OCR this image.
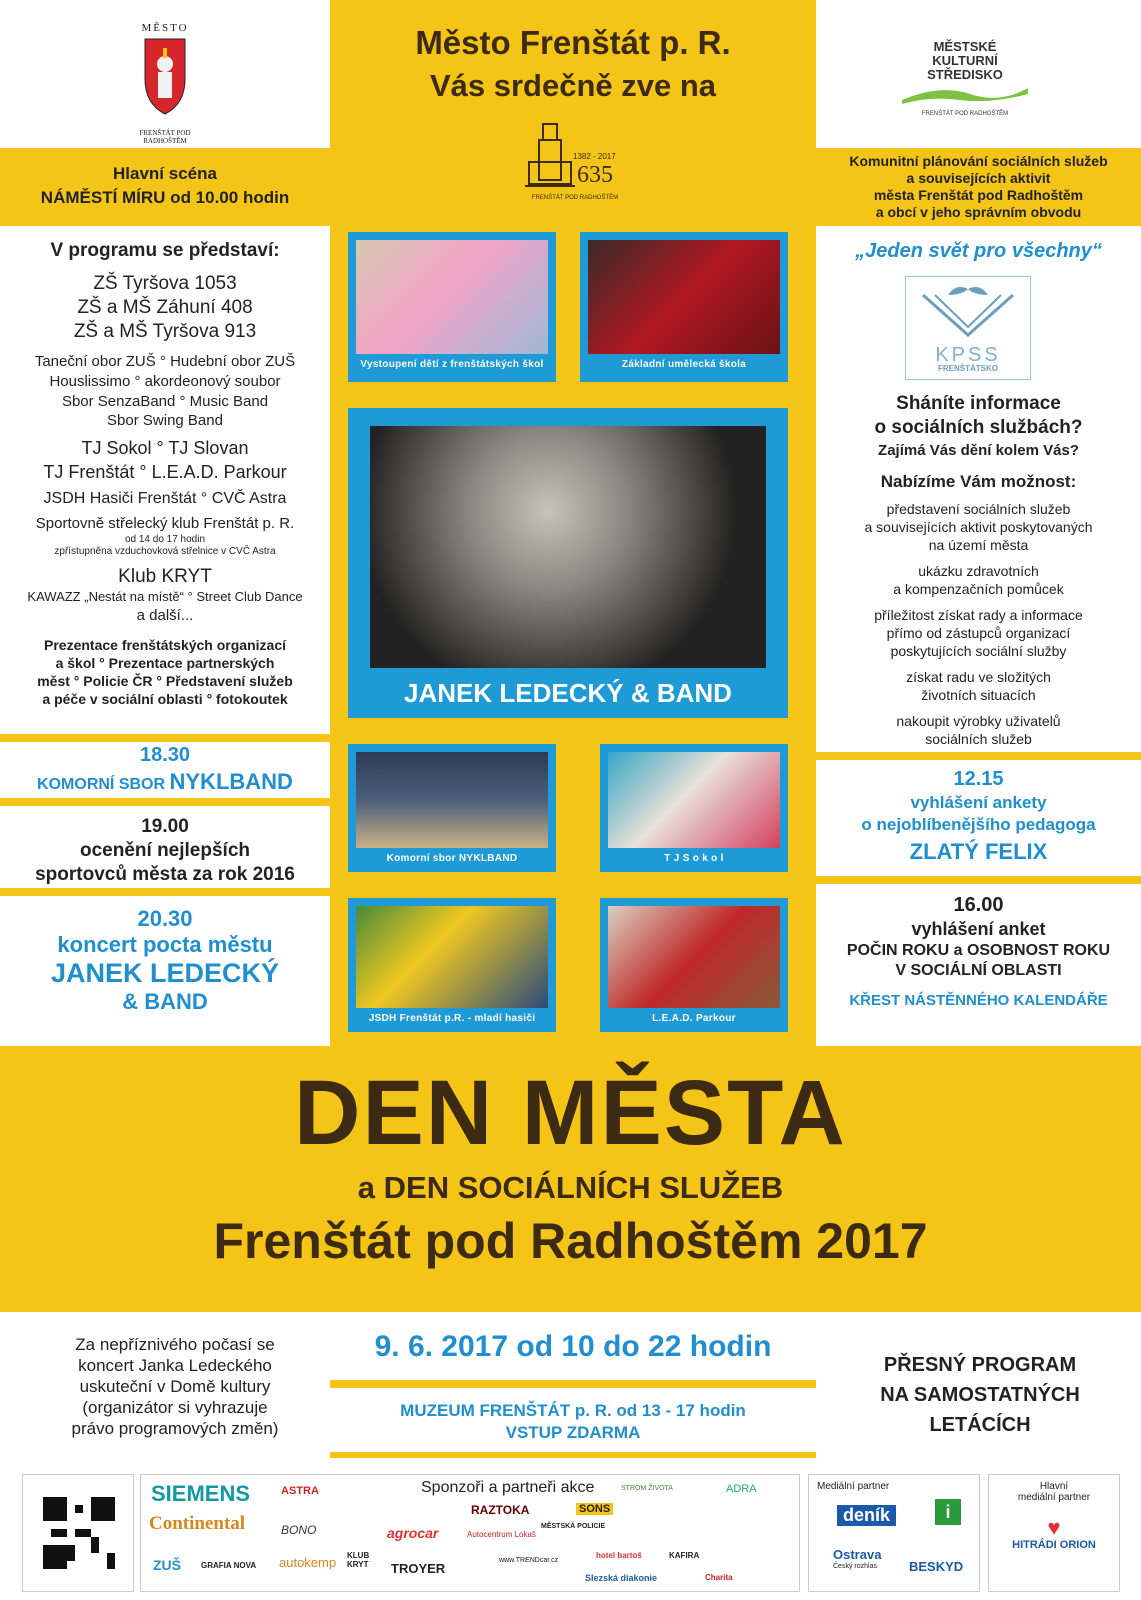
MĚSTO
FRENŠTÁT POD RADHOŠTĚM
Město Frenštát p. R.
Vás srdečně zve na
1382 - 2017
635
FRENŠTÁT POD RADHOŠTĚM
MĚSTSKÉ
KULTURNÍ
STŘEDISKO
FRENŠTÁT POD RADHOŠTĚM
Hlavní scéna
NÁMĚSTÍ MÍRU od 10.00 hodin
V programu se představí:
ZŠ Tyršova 1053
ZŠ a MŠ Záhuní 408
ZŠ a MŠ Tyršova 913
Taneční obor ZUŠ ° Hudební obor ZUŠ
Houslissimo ° akordeonový soubor
Sbor SenzaBand ° Music Band
Sbor Swing Band
TJ Sokol ° TJ Slovan
TJ Frenštát ° L.E.A.D. Parkour
JSDH Hasiči Frenštát ° CVČ Astra
Sportovně střelecký klub Frenštát p. R.
od 14 do 17 hodin
zpřístupněna vzduchovková střelnice v CVČ Astra
Klub KRYT
KAWAZZ „Nestát na místě“ ° Street Club Dance
a další...
Prezentace frenštátských organizací
a škol ° Prezentace partnerských
měst ° Policie ČR ° Představení služeb
a péče v sociální oblasti ° fotokoutek
18.30
KOMORNÍ SBOR NYKLBAND
19.00
ocenění nejlepších
sportovců města za rok 2016
20.30
koncert pocta městu
JANEK LEDECKÝ
& BAND
Vystoupení dětí z frenštátských škol	Základní umělecká škola
JANEK LEDECKÝ & BAND
Komorní sbor NYKLBAND	T J S o k o l
JSDH Frenštát p.R. - mladí hasiči	L.E.A.D. Parkour
Komunitní plánování sociálních služeb
a souvisejících aktivit
města Frenštát pod Radhoštěm
a obcí v jeho správním obvodu
„Jeden svět pro všechny“
KPSS
FRENŠTÁTSKO
Sháníte informace
o sociálních službách?
Zajímá Vás dění kolem Vás?
Nabízíme Vám možnost:
představení sociálních služeb
a souvisejících aktivit poskytovaných
na území města
ukázku zdravotních
a kompenzačních pomůcek
příležitost získat rady a informace
přímo od zástupců organizací
poskytujících sociální služby
získat radu ve složitých
životních situacích
nakoupit výrobky uživatelů
sociálních služeb
12.15
vyhlášení ankety
o nejoblíbenějšího pedagoga
ZLATÝ FELIX
16.00
vyhlášení anket
POČIN ROKU a OSOBNOST ROKU
V SOCIÁLNÍ OBLASTI
KŘEST NÁSTĚNNÉHO KALENDÁŘE
DEN MĚSTA
a DEN SOCIÁLNÍCH SLUŽEB
Frenštát pod Radhoštěm 2017
Za nepříznivého počasí se
koncert Janka Ledeckého
uskuteční v Domě kultury
(organizátor si vyhrazuje
právo programových změn)
9. 6. 2017 od 10 do 22 hodin
MUZEUM FRENŠTÁT p. R. od 13 - 17 hodin
VSTUP ZDARMA
PŘESNÝ PROGRAM
NA SAMOSTATNÝCH
LETÁCÍCH
Sponzoři a partneři akce
SIEMENS	ASTRA
RAZTOKA	SONS
STROM ŽIVOTA	ADRA
Continental	BONO	agrocar	Autocentrum Lokaš
MĚSTSKÁ POLICIE
ZUŠ	GRAFIA NOVA autokemp KLUB KRYT TROYER
www.TRENDcar.cz
hotel bartoš
Slezská diakonie
KAFIRA
Charita
Mediální partner
deník	i
Ostrava
Český rozhlas BESKYD
Hlavní
mediální partner
♥
HITRÁDI ORION
